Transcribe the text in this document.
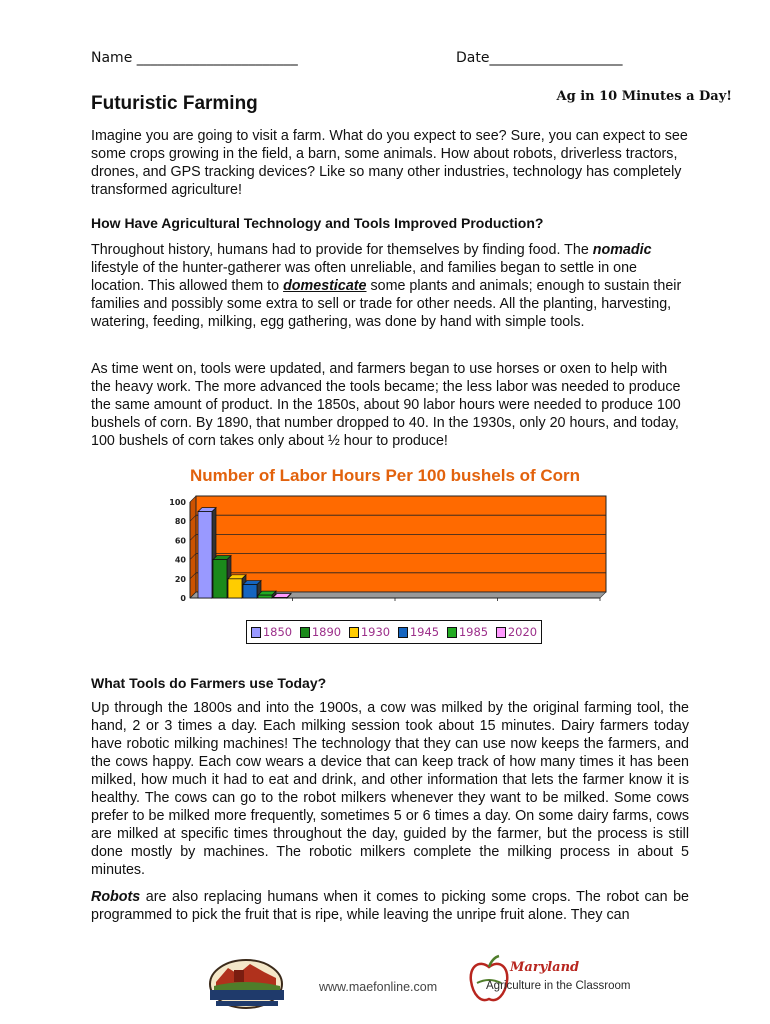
Name _______________________	Date___________________
Ag in 10 Minutes a Day!
Futuristic Farming

Imagine you are going to visit a farm. What do you expect to see? Sure, you can expect to see some crops growing in the field, a barn, some animals. How about robots, driverless tractors, drones, and GPS tracking devices? Like so many other industries, technology has completely transformed agriculture!

How Have Agricultural Technology and Tools Improved Production?

Throughout history, humans had to provide for themselves by finding food. The nomadic lifestyle of the hunter-gatherer was often unreliable, and families began to settle in one location. This allowed them to domesticate some plants and animals; enough to sustain their families and possibly some extra to sell or trade for other needs. All the planting, harvesting, watering, feeding, milking, egg gathering, was done by hand with simple tools.

As time went on, tools were updated, and farmers began to use horses or oxen to help with the heavy work. The more advanced the tools became; the less labor was needed to produce the same amount of product. In the 1850s, about 90 labor hours were needed to produce 100 bushels of corn. By 1890, that number dropped to 40. In the 1930s, only 20 hours, and today, 100 bushels of corn takes only about ½ hour to produce!

Number of Labor Hours Per 100 bushels of Corn
0
20
40
60
80
100
1850 1890 1930 1945 1985 2020
What Tools do Farmers use Today?

Up through the 1800s and into the 1900s, a cow was milked by the original farming tool, the hand, 2 or 3 times a day. Each milking session took about 15 minutes. Dairy farmers today have robotic milking machines! The technology that they can use now keeps the farmers, and the cows happy. Each cow wears a device that can keep track of how many times it has been milked, how much it had to eat and drink, and other information that lets the farmer know it is healthy. The cows can go to the robot milkers whenever they want to be milked. Some cows prefer to be milked more frequently, sometimes 5 or 6 times a day. On some dairy farms, cows are milked at specific times throughout the day, guided by the farmer, but the process is still done mostly by machines. The robotic milkers complete the milking process in about 5 minutes.

Robots are also replacing humans when it comes to picking some crops. The robot can be programmed to pick the fruit that is ripe, while leaving the unripe fruit alone. They can

www.maefonline.com
Maryland
Agriculture in the Classroom
